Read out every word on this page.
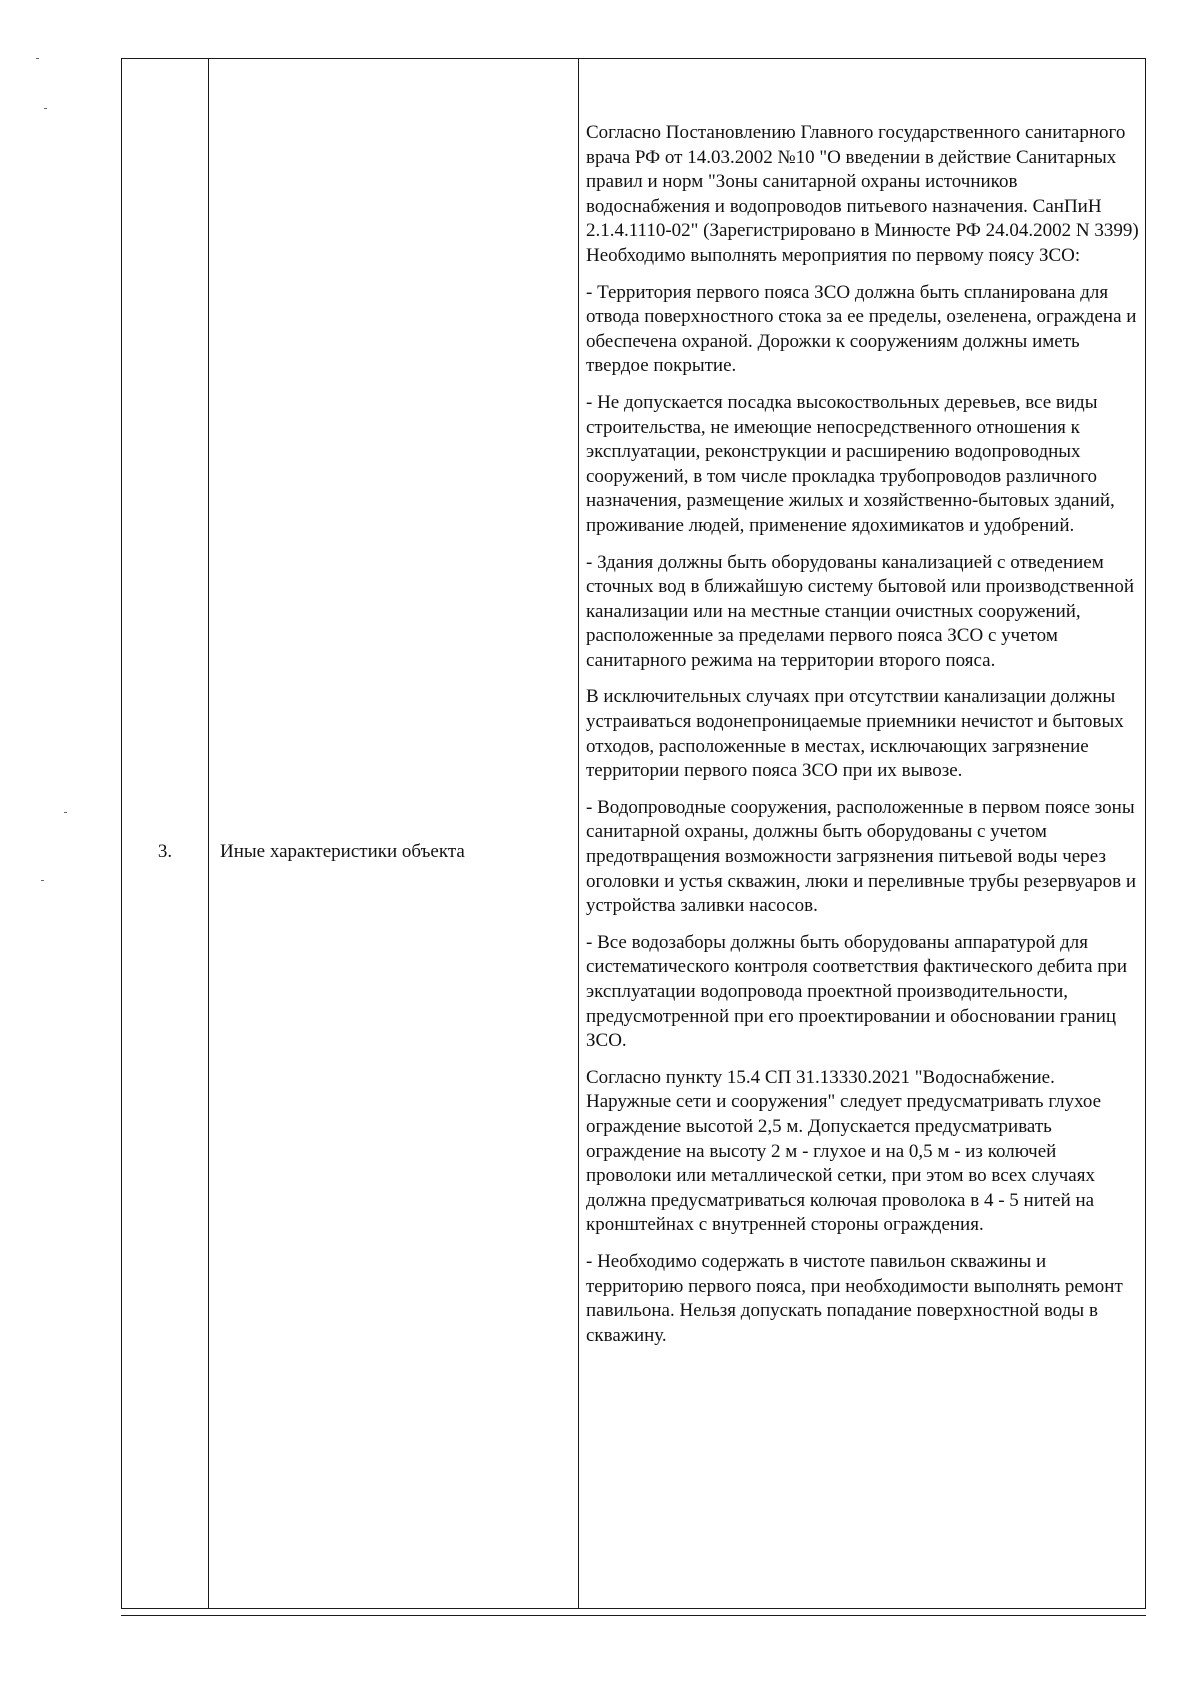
3.	Иные характеристики объекта

Согласно Постановлению Главного государственного санитарного врача РФ от 14.03.2002 №10 "О введении в действие Санитарных правил и норм "Зоны санитарной охраны источников водоснабжения и водопроводов питьевого назначения. СанПиН 2.1.4.1110-02" (Зарегистрировано в Минюсте РФ 24.04.2002 N 3399) Необходимо выполнять мероприятия по первому поясу ЗСО:

- Территория первого пояса ЗСО должна быть спланирована для отвода поверхностного стока за ее пределы, озеленена, ограждена и обеспечена охраной. Дорожки к сооружениям должны иметь твердое покрытие.

- Не допускается посадка высокоствольных деревьев, все виды строительства, не имеющие непосредственного отношения к эксплуатации, реконструкции и расширению водопроводных сооружений, в том числе прокладка трубопроводов различного назначения, размещение жилых и хозяйственно-бытовых зданий, проживание людей, применение ядохимикатов и удобрений.

- Здания должны быть оборудованы канализацией с отведением сточных вод в ближайшую систему бытовой или производственной канализации или на местные станции очистных сооружений, расположенные за пределами первого пояса ЗСО с учетом санитарного режима на территории второго пояса.

В исключительных случаях при отсутствии канализации должны устраиваться водонепроницаемые приемники нечистот и бытовых отходов, расположенные в местах, исключающих загрязнение территории первого пояса ЗСО при их вывозе.

- Водопроводные сооружения, расположенные в первом поясе зоны санитарной охраны, должны быть оборудованы с учетом предотвращения возможности загрязнения питьевой воды через оголовки и устья скважин, люки и переливные трубы резервуаров и устройства заливки насосов.

- Все водозаборы должны быть оборудованы аппаратурой для систематического контроля соответствия фактического дебита при эксплуатации водопровода проектной производительности, предусмотренной при его проектировании и обосновании границ ЗСО.

Согласно пункту 15.4 СП 31.13330.2021 "Водоснабжение. Наружные сети и сооружения" следует предусматривать глухое ограждение высотой 2,5 м. Допускается предусматривать ограждение на высоту 2 м - глухое и на 0,5 м - из колючей проволоки или металлической сетки, при этом во всех случаях должна предусматриваться колючая проволока в 4 - 5 нитей на кронштейнах с внутренней стороны ограждения.

- Необходимо содержать в чистоте павильон скважины и территорию первого пояса, при необходимости выполнять ремонт павильона. Нельзя допускать попадание поверхностной воды в скважину.
